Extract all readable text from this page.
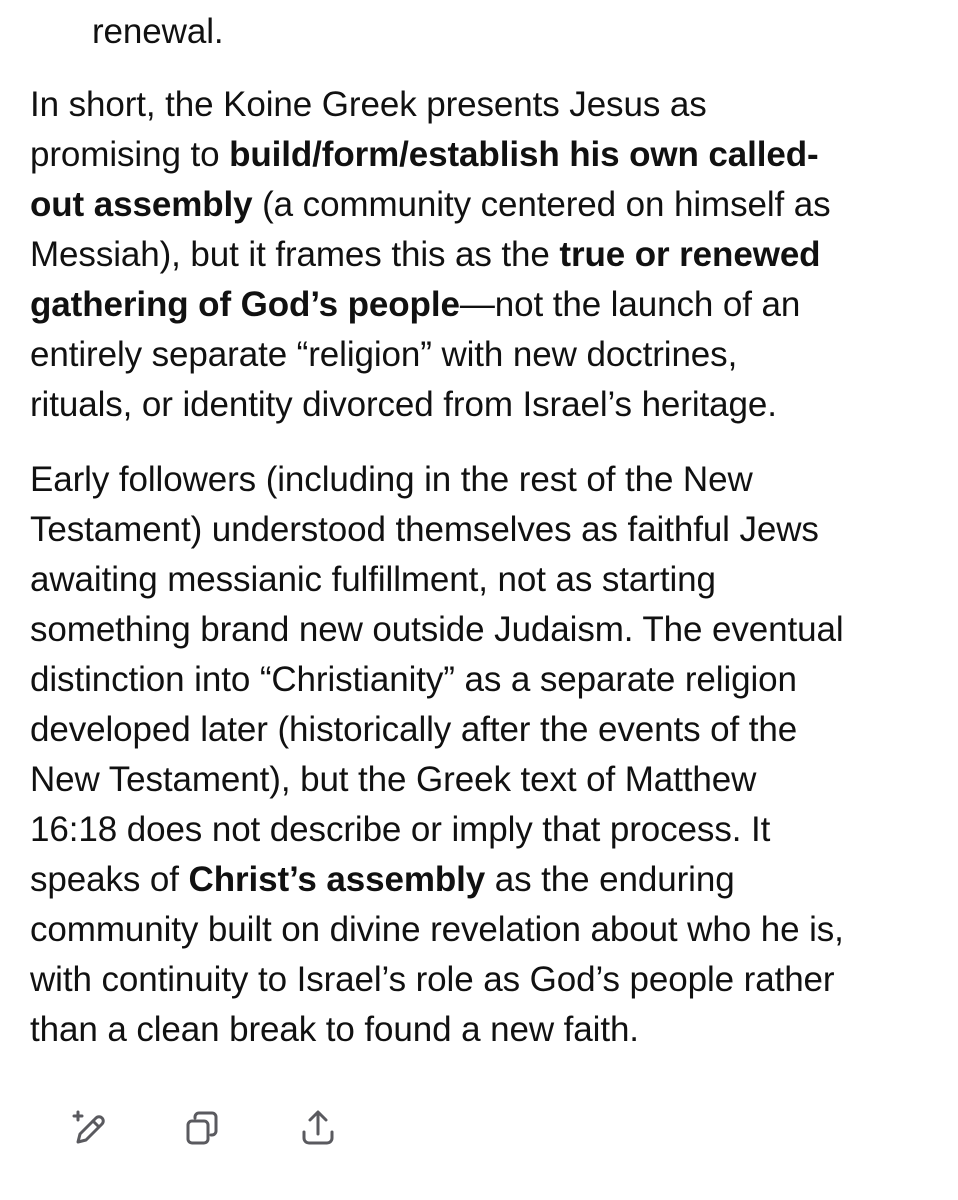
renewal.
In short, the Koine Greek presents Jesus as
promising to build/form/establish his own called-
out assembly (a community centered on himself as
Messiah), but it frames this as the true or renewed
gathering of God’s people—not the launch of an
entirely separate “religion” with new doctrines,
rituals, or identity divorced from Israel’s heritage.
Early followers (including in the rest of the New
Testament) understood themselves as faithful Jews
awaiting messianic fulfillment, not as starting
something brand new outside Judaism. The eventual
distinction into “Christianity” as a separate religion
developed later (historically after the events of the
New Testament), but the Greek text of Matthew
16:18 does not describe or imply that process. It
speaks of Christ’s assembly as the enduring
community built on divine revelation about who he is,
with continuity to Israel’s role as God’s people rather
than a clean break to found a new faith.
